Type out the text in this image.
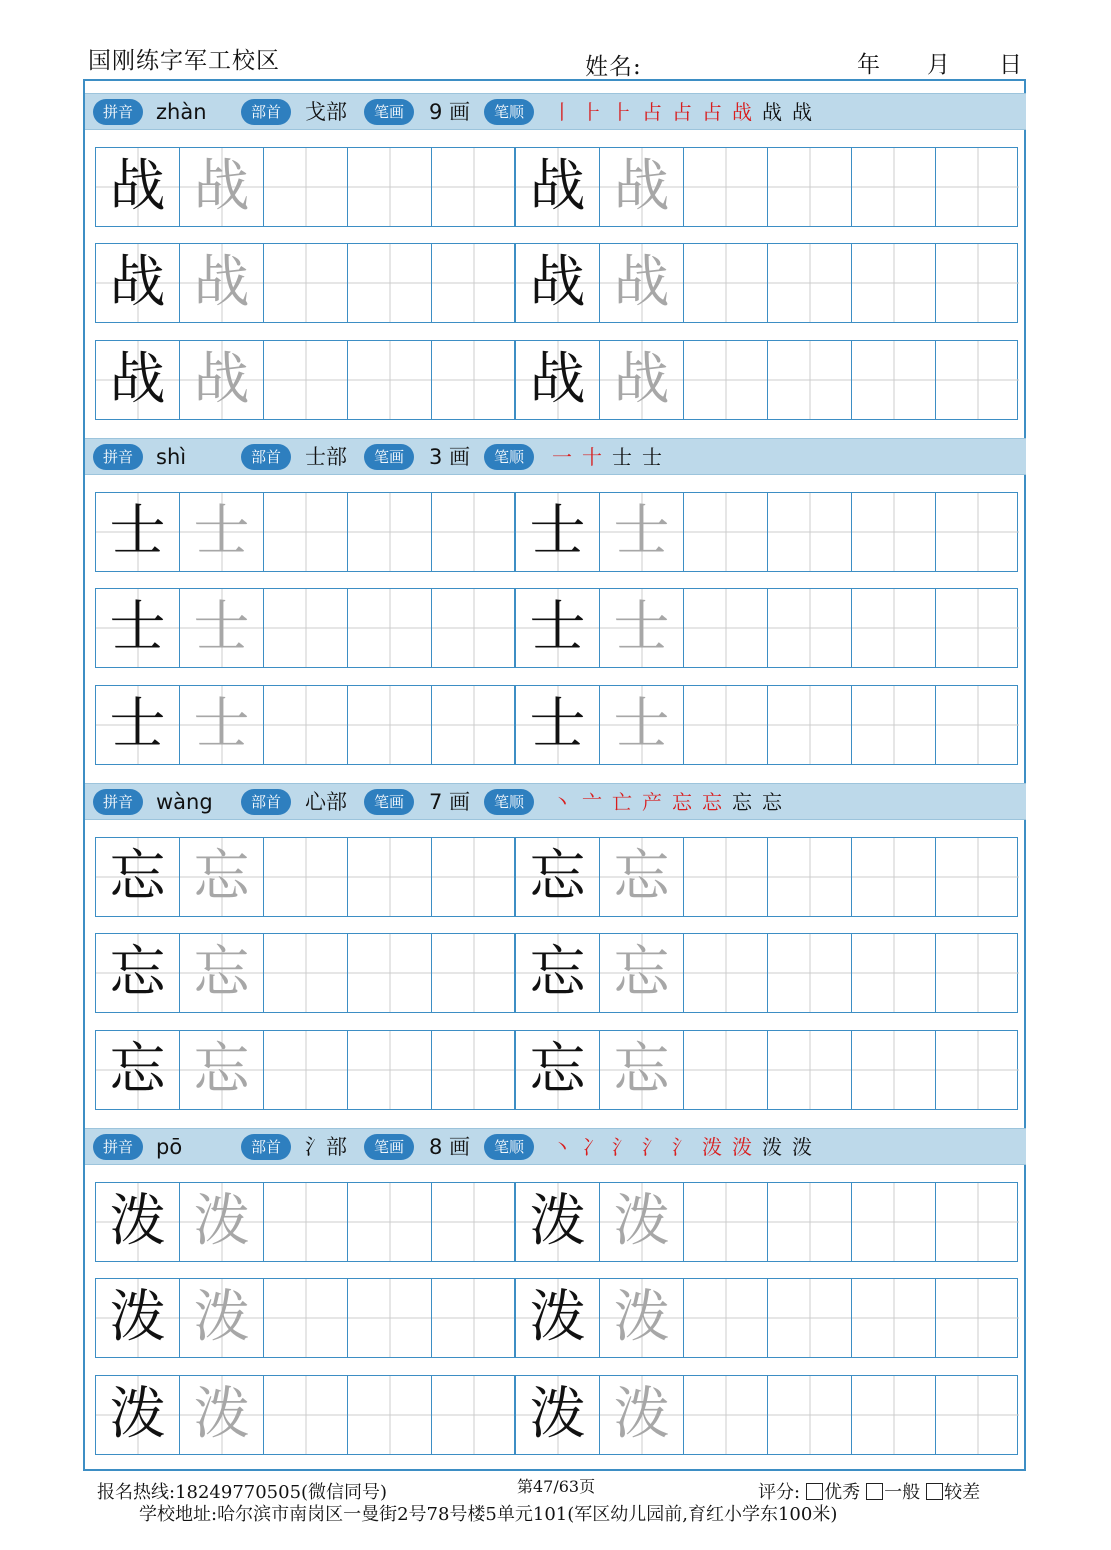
国刚练字军工校区	姓名:	年 月 日
拼音	部首	笔画	笔顺
zhàn	戈部	9 画	丨 ⺊ ⺊ 占 占 占 战 战 战
战 战	战 战
战 战	战 战
战 战	战 战
拼音	部首	笔画	笔顺
shì	士部	3 画	一 十 士 士
士 士	士 士
士 士	士 士
士 士	士 士
拼音	部首	笔画	笔顺
wàng	心部	7 画	丶 亠 亡 产 忘 忘 忘 忘
忘 忘	忘 忘
忘 忘	忘 忘
忘 忘	忘 忘
拼音	部首	笔画	笔顺
pō	氵部	8 画	丶 冫 氵 氵 氵 泼 泼 泼 泼
泼 泼	泼 泼
泼 泼	泼 泼
泼 泼	泼 泼
报名热线:18249770505(微信同号)	第47/63页	评分: 优秀 一般 较差
学校地址:哈尔滨市南岗区一曼街2号78号楼5单元101(军区幼儿园前,育红小学东100米)
